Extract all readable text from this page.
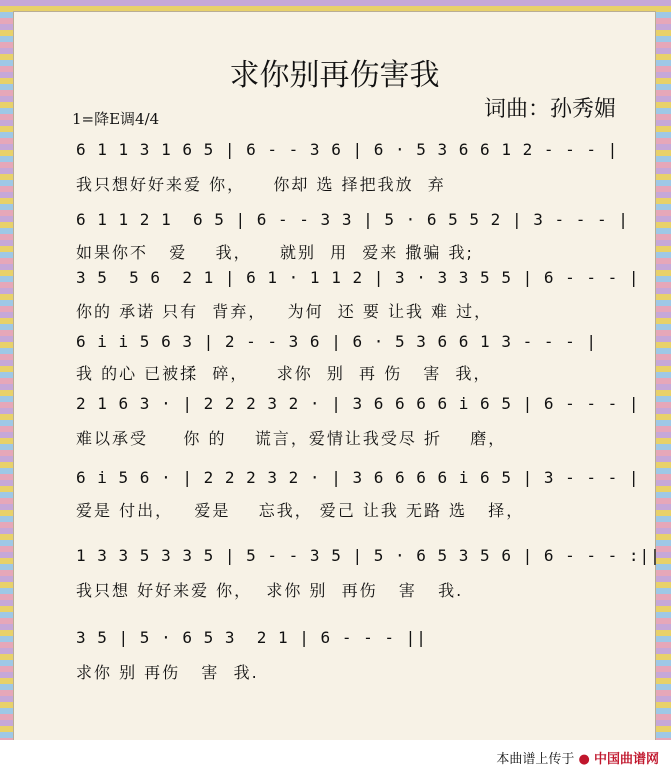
求你别再伤害我
词曲：孙秀媚
1=降E调4/4
6 1 1 3 1 6 5 | 6 - - 3 6 | 6 · 5 3 6 6 1 2 - - - |
我只想好好来爱 你，    你却 选 择把我放  弃
6 1 1 2 1  6 5 | 6 - - 3 3 | 5 · 6 5 5 2 | 3 - - - |
如果你不   爱    我，    就别  用  爱来 撒骗 我;
3 5  5 6  2 1 | 6 1 · 1 1 2 | 3 · 3 3 5 5 | 6 - - - |
你的 承诺 只有  背弃，   为何  还 要 让我 难 过，
6 i i 5 6 3 | 2 - - 3 6 | 6 · 5 3 6 6 1 3 - - - |
我 的心 已被揉  碎，    求你  别  再 伤   害  我，
2 1 6 3 · | 2 2 2 3 2 · | 3 6 6 6 6 i 6 5 | 6 - - - |
难以承受     你 的    谎言，爱情让我受尽 折    磨，
6 i 5 6 · | 2 2 2 3 2 · | 3 6 6 6 6 i 6 5 | 3 - - - |
爱是 付出，   爱是    忘我， 爱己 让我 无路 选   择，
1 3 3 5 3 3 5 | 5 - - 3 5 | 5 · 6 5 3 5 6 | 6 - - - :||
我只想 好好来爱 你，  求你 别  再伤   害   我.
3 5 | 5 · 6 5 3  2 1 | 6 - - - ||
求你 别 再伤   害  我.
本曲谱上传于 ● 中国曲谱网
